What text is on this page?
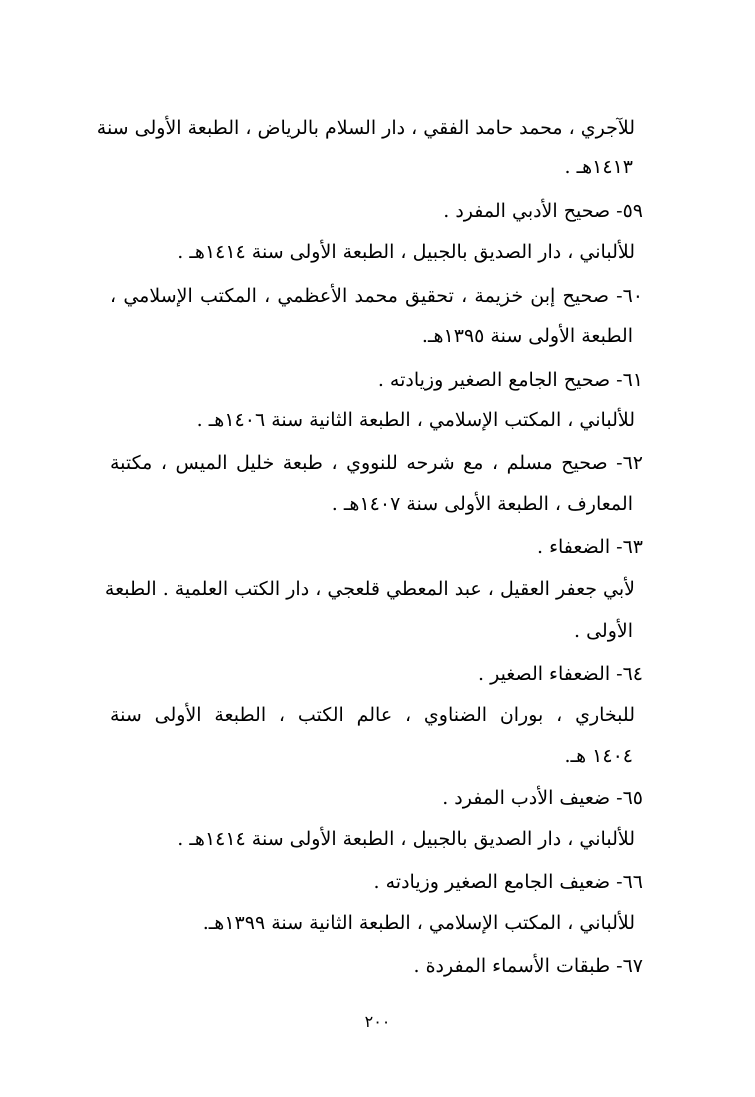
للآجري ، محمد حامد الفقي ، دار السلام بالرياض ، الطبعة الأولى سنة
١٤١٣هـ .
٥٩- صحيح الأدبي المفرد .
للألباني ، دار الصديق بالجبيل ، الطبعة الأولى سنة ١٤١٤هـ .
٦٠- صحيح إبن خزيمة ، تحقيق محمد الأعظمي ، المكتب الإسلامي ،
الطبعة الأولى سنة ١٣٩٥هـ.
٦١- صحيح الجامع الصغير وزيادته .
للألباني ، المكتب الإسلامي ، الطبعة الثانية سنة ١٤٠٦هـ .
٦٢- صحيح مسلم ، مع شرحه للنووي ، طبعة خليل الميس ، مكتبة
المعارف ، الطبعة الأولى سنة ١٤٠٧هـ .
٦٣- الضعفاء .
لأبي جعفر العقيل ، عبد المعطي قلعجي ، دار الكتب العلمية . الطبعة
الأولى .
٦٤- الضعفاء الصغير .
للبخاري ، بوران الضناوي ، عالم الكتب ، الطبعة الأولى سنة
١٤٠٤ هـ.
٦٥- ضعيف الأدب المفرد .
للألباني ، دار الصديق بالجبيل ، الطبعة الأولى سنة ١٤١٤هـ .
٦٦- ضعيف الجامع الصغير وزيادته .
للألباني ، المكتب الإسلامي ، الطبعة الثانية سنة ١٣٩٩هـ.
٦٧- طبقات الأسماء المفردة .
٢٠٠
